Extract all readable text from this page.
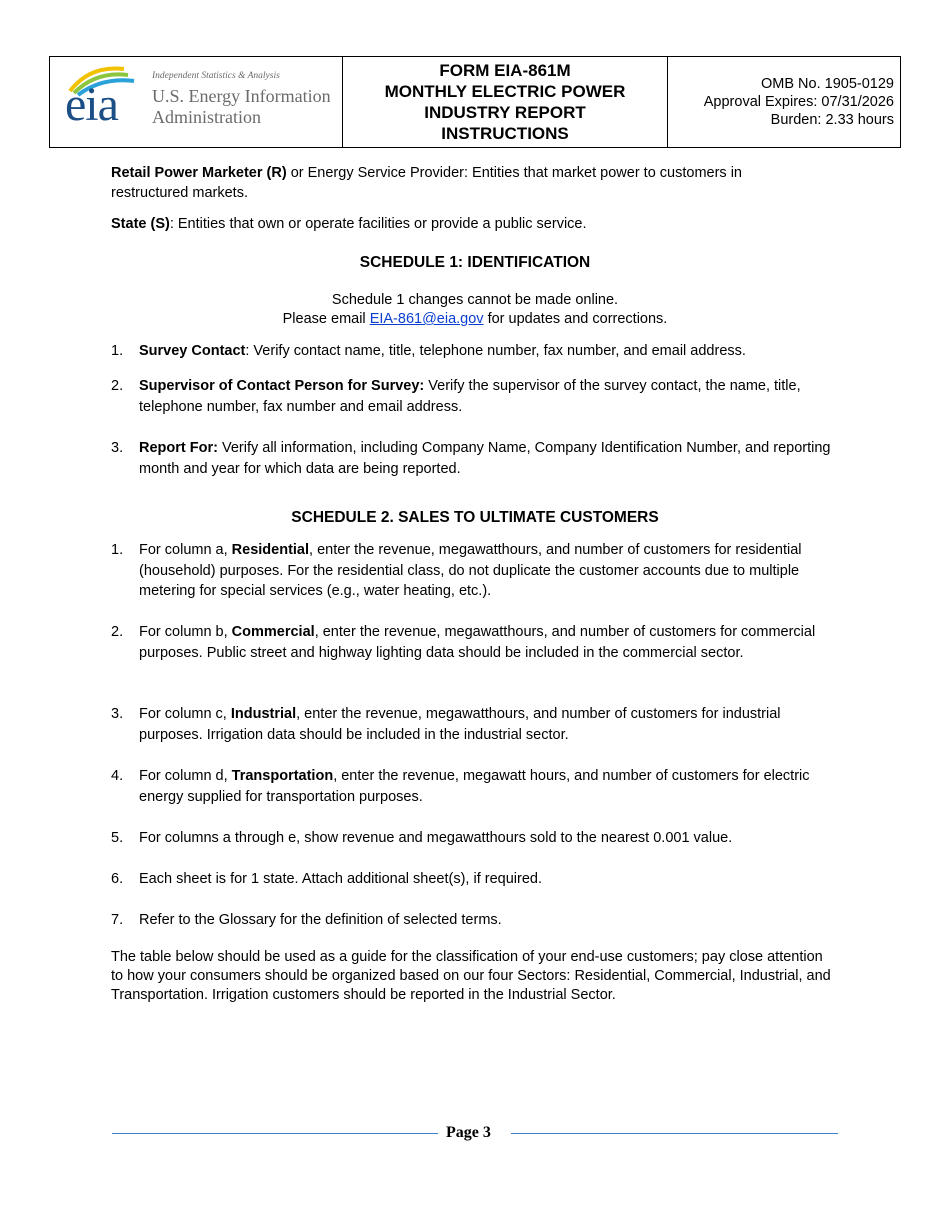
eia
Independent Statistics & Analysis
U.S. Energy Information
Administration
FORM EIA-861M
MONTHLY ELECTRIC POWER
INDUSTRY REPORT
INSTRUCTIONS
OMB No. 1905-0129
Approval Expires: 07/31/2026
Burden: 2.33 hours
Retail Power Marketer (R) or Energy Service Provider: Entities that market power to customers in
restructured markets.
State (S): Entities that own or operate facilities or provide a public service.
SCHEDULE 1: IDENTIFICATION
Schedule 1 changes cannot be made online.
Please email EIA-861@eia.gov for updates and corrections.
1. Survey Contact: Verify contact name, title, telephone number, fax number, and email address.
2. Supervisor of Contact Person for Survey: Verify the supervisor of the survey contact, the name, title, telephone number, fax number and email address.
3. Report For: Verify all information, including Company Name, Company Identification Number, and reporting month and year for which data are being reported.
SCHEDULE 2. SALES TO ULTIMATE CUSTOMERS
1. For column a, Residential, enter the revenue, megawatthours, and number of customers for residential (household) purposes. For the residential class, do not duplicate the customer accounts due to multiple metering for special services (e.g., water heating, etc.).
2. For column b, Commercial, enter the revenue, megawatthours, and number of customers for commercial purposes. Public street and highway lighting data should be included in the commercial sector.
3. For column c, Industrial, enter the revenue, megawatthours, and number of customers for industrial purposes. Irrigation data should be included in the industrial sector.
4. For column d, Transportation, enter the revenue, megawatt hours, and number of customers for electric energy supplied for transportation purposes.
5. For columns a through e, show revenue and megawatthours sold to the nearest 0.001 value.
6. Each sheet is for 1 state. Attach additional sheet(s), if required.
7. Refer to the Glossary for the definition of selected terms.
The table below should be used as a guide for the classification of your end-use customers; pay close attention to how your consumers should be organized based on our four Sectors: Residential, Commercial, Industrial, and Transportation. Irrigation customers should be reported in the Industrial Sector.
Page 3
